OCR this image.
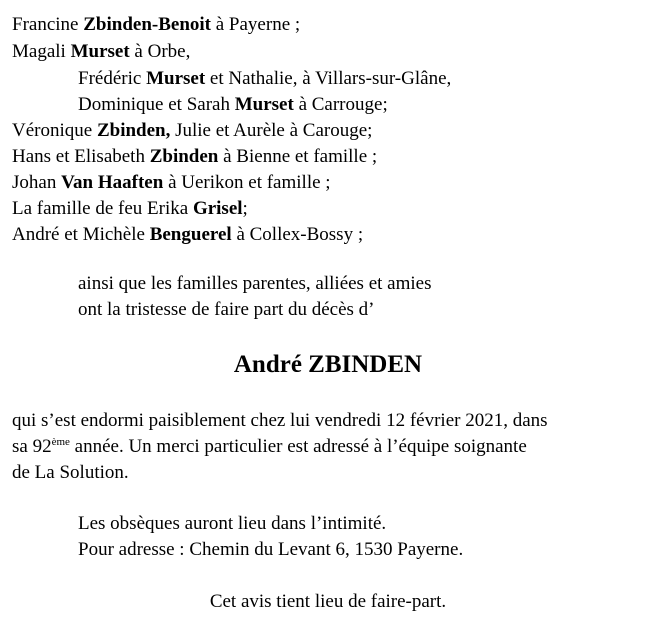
Francine Zbinden-Benoit à Payerne ;
Magali Murset à Orbe,
Frédéric Murset et Nathalie, à Villars-sur-Glâne,
Dominique et Sarah Murset à Carrouge;
Véronique Zbinden, Julie et Aurèle à Carouge;
Hans et Elisabeth Zbinden à Bienne et famille ;
Johan Van Haaften à Uerikon et famille ;
La famille de feu Erika Grisel;
André et Michèle Benguerel à Collex-Bossy ;
ainsi que les familles parentes, alliées et amies
ont la tristesse de faire part du décès d’
André ZBINDEN
qui s’est endormi paisiblement chez lui vendredi 12 février 2021, dans
sa 92ème année. Un merci particulier est adressé à l’équipe soignante
de La Solution.
Les obsèques auront lieu dans l’intimité.
Pour adresse : Chemin du Levant 6, 1530 Payerne.
Cet avis tient lieu de faire-part.
